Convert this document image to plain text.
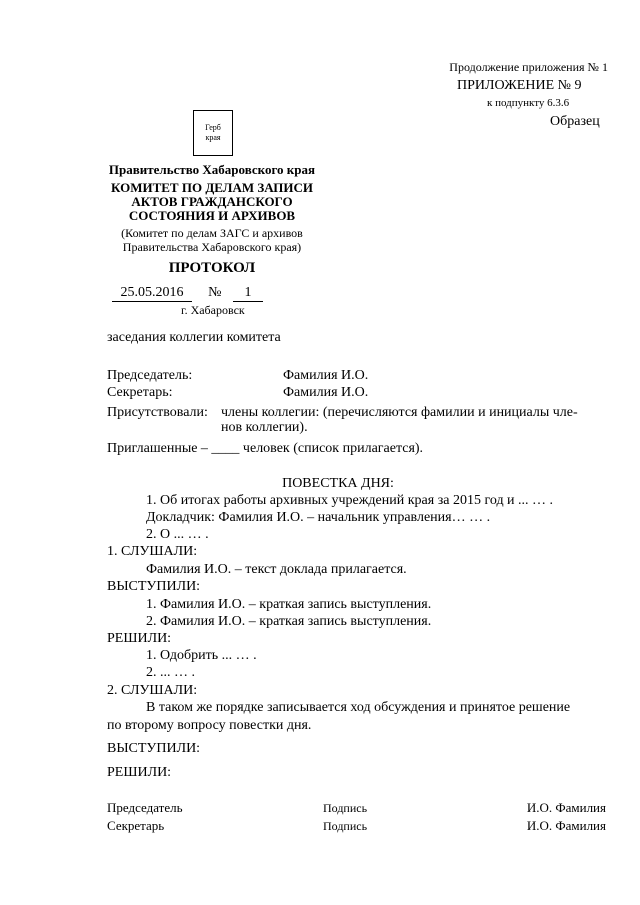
Продолжение приложения № 1
ПРИЛОЖЕНИЕ № 9
к подпункту 6.3.6
Образец
Герб
края
Правительство Хабаровского края
КОМИТЕТ ПО ДЕЛАМ ЗАПИСИ
АКТОВ ГРАЖДАНСКОГО
СОСТОЯНИЯ И АРХИВОВ
(Комитет по делам ЗАГС и архивов
Правительства Хабаровского края)
ПРОТОКОЛ
25.05.2016 № 1
г. Хабаровск
заседания коллегии комитета
Председатель:	Фамилия И.О.
Секретарь:	Фамилия И.О.
Присутствовали: члены коллегии: (перечисляются фамилии и инициалы чле-
нов коллегии).
Приглашенные – ____ человек (список прилагается).
ПОВЕСТКА ДНЯ:
1. Об итогах работы архивных учреждений края за 2015 год и ... … .
Докладчик: Фамилия И.О. – начальник управления… … .
2. О ... … .
1. СЛУШАЛИ:
Фамилия И.О. – текст доклада прилагается.
ВЫСТУПИЛИ:
1. Фамилия И.О. – краткая запись выступления.
2. Фамилия И.О. – краткая запись выступления.
РЕШИЛИ:
1. Одобрить ... … .
2. ... … .
2. СЛУШАЛИ:
В таком же порядке записывается ход обсуждения и принятое решение
по второму вопросу повестки дня.
ВЫСТУПИЛИ:
РЕШИЛИ:
Председатель	Подпись	И.О. Фамилия
Секретарь	Подпись	И.О. Фамилия
